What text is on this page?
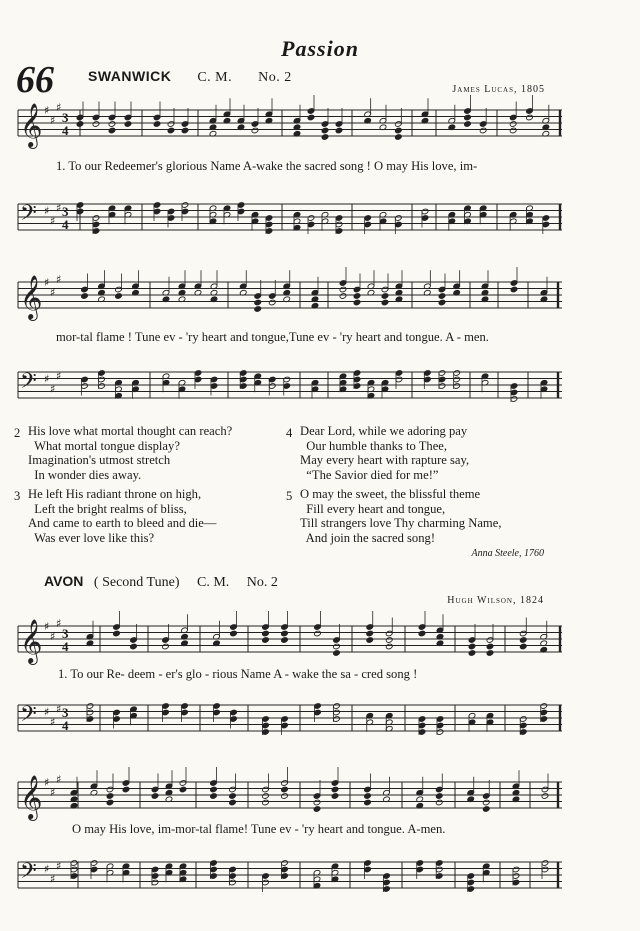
Passion
66 SWANWICK C. M. No. 2
James Lucas, 1805
𝄞 ♯
♯
♯
3
4
1. To our Redeemer's glorious Name A-wake the sacred song ! O may His love, im-
𝄢 ♯
♯
♯ 3
4
𝄞 ♯
♯
♯
mor-tal flame ! Tune ev - 'ry heart and tongue,Tune ev - 'ry heart and tongue. A - men.
𝄢 ♯
♯
♯
2 His love what mortal thought can reach?
What mortal tongue display?
Imagination's utmost stretch
In wonder dies away.
4 Dear Lord, while we adoring pay
Our humble thanks to Thee,
May every heart with rapture say,
“The Savior died for me!”
3 He left His radiant throne on high,
Left the bright realms of bliss,
And came to earth to bleed and die—
Was ever love like this?
5 O may the sweet, the blissful theme
Fill every heart and tongue,
Till strangers love Thy charming Name,
And join the sacred song!
Anna Steele, 1760
AVON ( Second Tune) C. M. No. 2
Hugh Wilson, 1824
𝄞 ♯
♯
♯
3
4
1. To our Re- deem - er's glo - rious Name A - wake the sa - cred song !
𝄢 ♯
♯
♯ 3
4
𝄞 ♯
♯
♯
O may His love, im-mor-tal flame! Tune ev - 'ry heart and tongue. A-men.
𝄢 ♯
♯
♯
